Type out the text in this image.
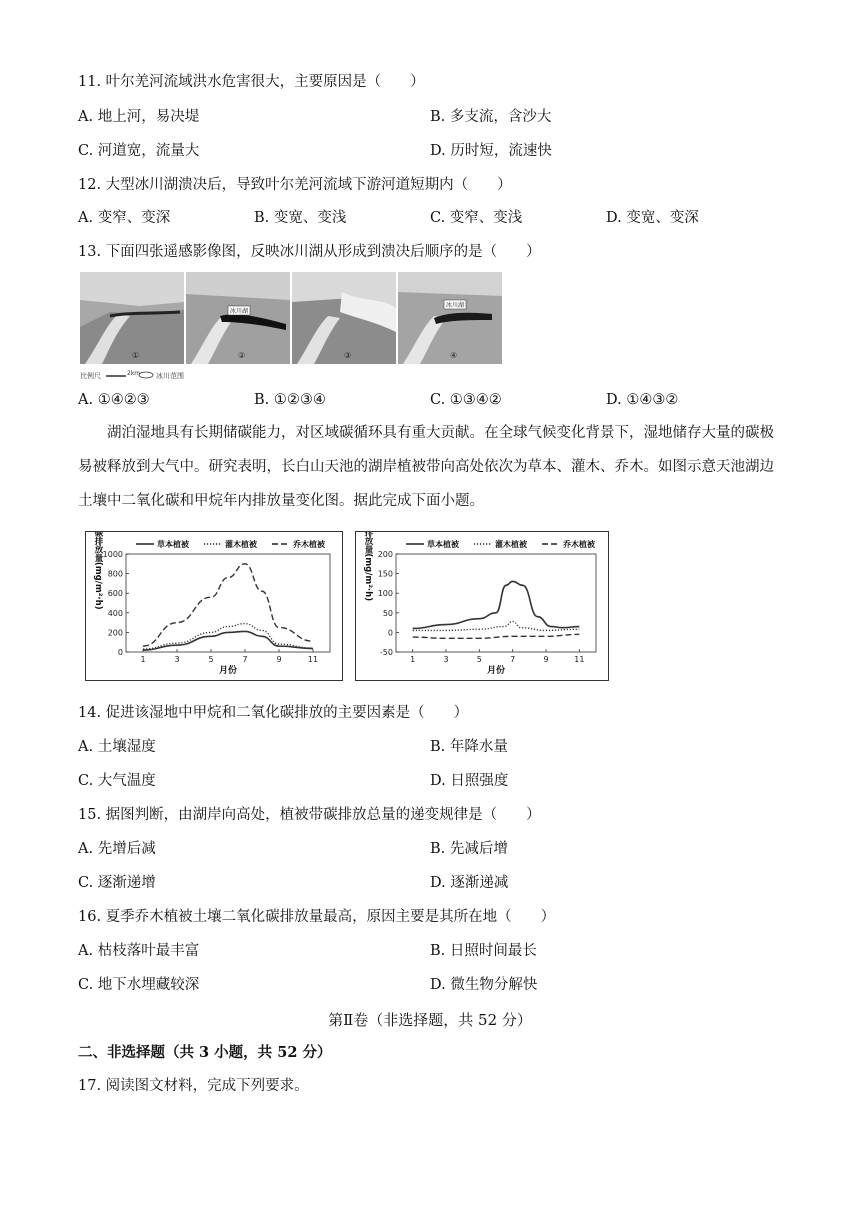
11. 叶尔羌河流域洪水危害很大，主要原因是（　　）
A. 地上河，易决堤	B. 多支流，含沙大
C. 河道宽，流量大	D. 历时短，流速快
12. 大型冰川湖溃决后，导致叶尔羌河流域下游河道短期内（　　）
A. 变窄、变深	B. 变宽、变浅	C. 变窄、变浅	D. 变宽、变深
13. 下面四张遥感影像图，反映冰川湖从形成到溃决后顺序的是（　　）
①
冰川湖
②	③
冰川湖
④
比例尺	2km 冰川范围
A. ①④②③	B. ①②③④	C. ①③④②	D. ①④③②
湖泊湿地具有长期储碳能力，对区域碳循环具有重大贡献。在全球气候变化背景下，湿地储存大量的碳极易被释放到大气中。研究表明，长白山天池的湖岸植被带向高处依次为草本、灌木、乔木。如图示意天池湖边土壤中二氧化碳和甲烷年内排放量变化图。据此完成下面小题。
0
200
400
600
800
1000
1	3	5	7	9	11
月份
二氧化碳排放量(mg/m²·h)	草本植被	灌木植被	乔木植被
-50
0
50
100
150
200
1	3	5	7	9	11
月份
甲烷排放量(mg/m²·h)	草本植被	灌木植被	乔木植被
14. 促进该湿地中甲烷和二氧化碳排放的主要因素是（　　）
A. 土壤湿度	B. 年降水量
C. 大气温度	D. 日照强度
15. 据图判断，由湖岸向高处，植被带碳排放总量的递变规律是（　　）
A. 先增后减	B. 先减后增
C. 逐渐递增	D. 逐渐递减
16. 夏季乔木植被土壤二氧化碳排放量最高，原因主要是其所在地（　　）
A. 枯枝落叶最丰富	B. 日照时间最长
C. 地下水埋藏较深	D. 微生物分解快
第Ⅱ卷（非选择题，共 52 分）
二、非选择题（共 3 小题，共 52 分）
17. 阅读图文材料，完成下列要求。
